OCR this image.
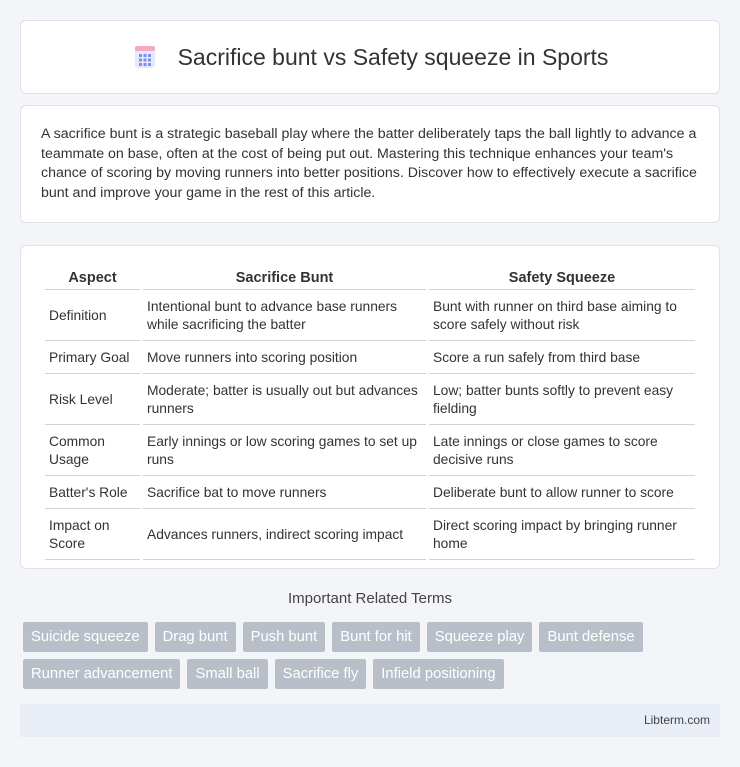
Sacrifice bunt vs Safety squeeze in Sports

A sacrifice bunt is a strategic baseball play where the batter deliberately taps the ball lightly to advance a teammate on base, often at the cost of being put out. Mastering this technique enhances your team's chance of scoring by moving runners into better positions. Discover how to effectively execute a sacrifice bunt and improve your game in the rest of this article.

Aspect	Sacrifice Bunt	Safety Squeeze
Definition	Intentional bunt to advance base runners while sacrificing the batter	Bunt with runner on third base aiming to score safely without risk
Primary Goal	Move runners into scoring position	Score a run safely from third base
Risk Level	Moderate; batter is usually out but advances runners	Low; batter bunts softly to prevent easy fielding
Common Usage	Early innings or low scoring games to set up runs	Late innings or close games to score decisive runs
Batter's Role	Sacrifice bat to move runners	Deliberate bunt to allow runner to score
Impact on Score	Advances runners, indirect scoring impact	Direct scoring impact by bringing runner home
Important Related Terms
Suicide squeeze	Drag bunt	Push bunt	Bunt for hit	Squeeze play	Bunt defense
Runner advancement	Small ball	Sacrifice fly	Infield positioning
Libterm.com
